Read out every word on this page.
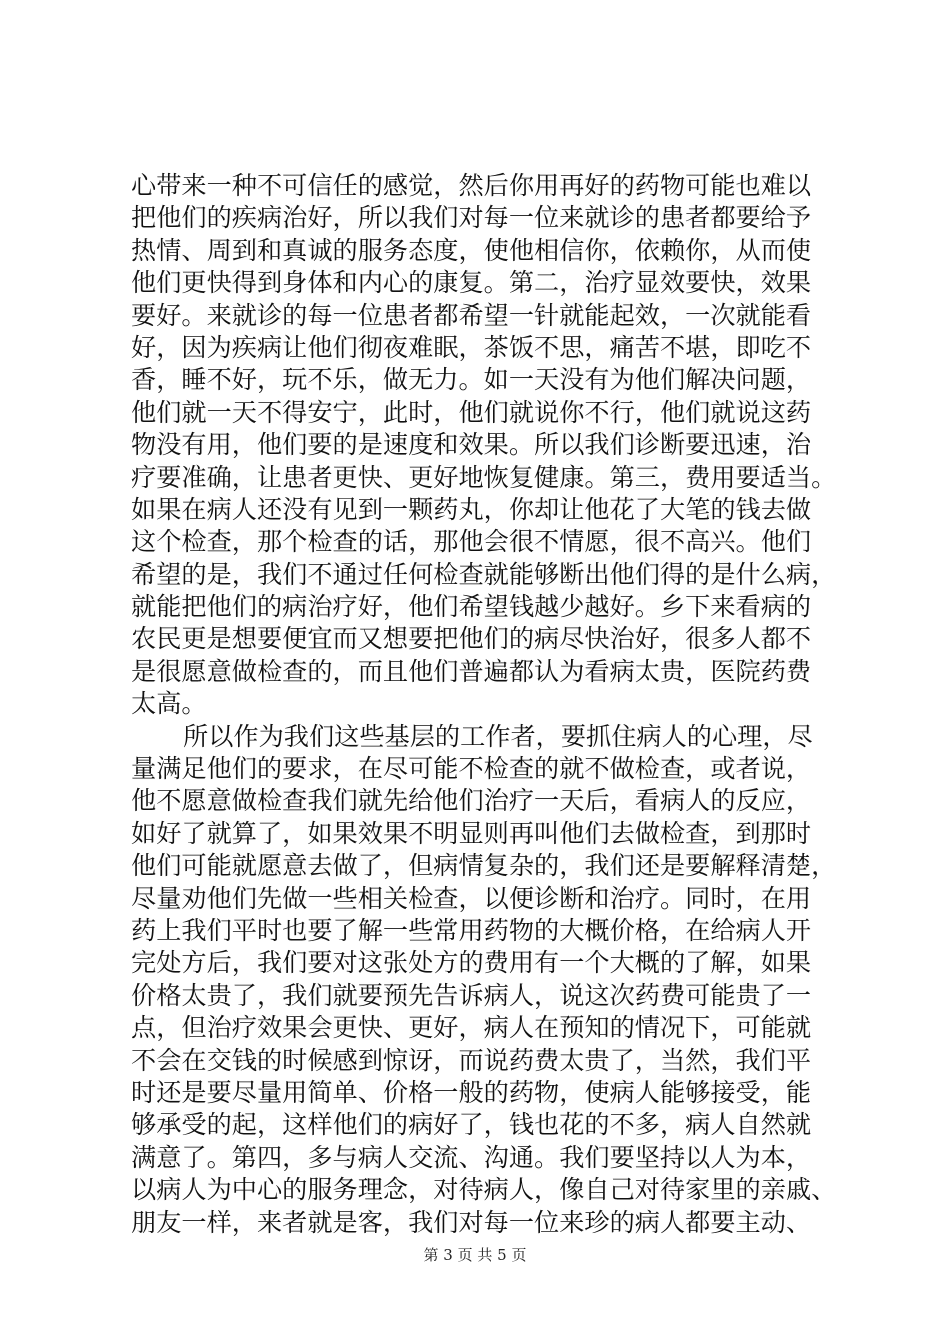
心带来一种不可信任的感觉，然后你用再好的药物可能也难以
把他们的疾病治好，所以我们对每一位来就诊的患者都要给予
热情、周到和真诚的服务态度，使他相信你，依赖你，从而使
他们更快得到身体和内心的康复。第二，治疗显效要快，效果
要好。来就诊的每一位患者都希望一针就能起效，一次就能看
好，因为疾病让他们彻夜难眠，茶饭不思，痛苦不堪，即吃不
香，睡不好，玩不乐，做无力。如一天没有为他们解决问题，
他们就一天不得安宁，此时，他们就说你不行，他们就说这药
物没有用，他们要的是速度和效果。所以我们诊断要迅速，治
疗要准确，让患者更快、更好地恢复健康。第三，费用要适当。
如果在病人还没有见到一颗药丸，你却让他花了大笔的钱去做
这个检查，那个检查的话，那他会很不情愿，很不高兴。他们
希望的是，我们不通过任何检查就能够断出他们得的是什么病，
就能把他们的病治疗好，他们希望钱越少越好。乡下来看病的
农民更是想要便宜而又想要把他们的病尽快治好，很多人都不
是很愿意做检查的，而且他们普遍都认为看病太贵，医院药费
太高。
所以作为我们这些基层的工作者，要抓住病人的心理，尽
量满足他们的要求，在尽可能不检查的就不做检查，或者说，
他不愿意做检查我们就先给他们治疗一天后，看病人的反应，
如好了就算了，如果效果不明显则再叫他们去做检查，到那时
他们可能就愿意去做了，但病情复杂的，我们还是要解释清楚，
尽量劝他们先做一些相关检查，以便诊断和治疗。同时，在用
药上我们平时也要了解一些常用药物的大概价格，在给病人开
完处方后，我们要对这张处方的费用有一个大概的了解，如果
价格太贵了，我们就要预先告诉病人，说这次药费可能贵了一
点，但治疗效果会更快、更好，病人在预知的情况下，可能就
不会在交钱的时候感到惊讶，而说药费太贵了，当然，我们平
时还是要尽量用简单、价格一般的药物，使病人能够接受，能
够承受的起，这样他们的病好了，钱也花的不多，病人自然就
满意了。第四，多与病人交流、沟通。我们要坚持以人为本，
以病人为中心的服务理念，对待病人，像自己对待家里的亲戚、
朋友一样，来者就是客，我们对每一位来珍的病人都要主动、
第 3 页 共 5 页
